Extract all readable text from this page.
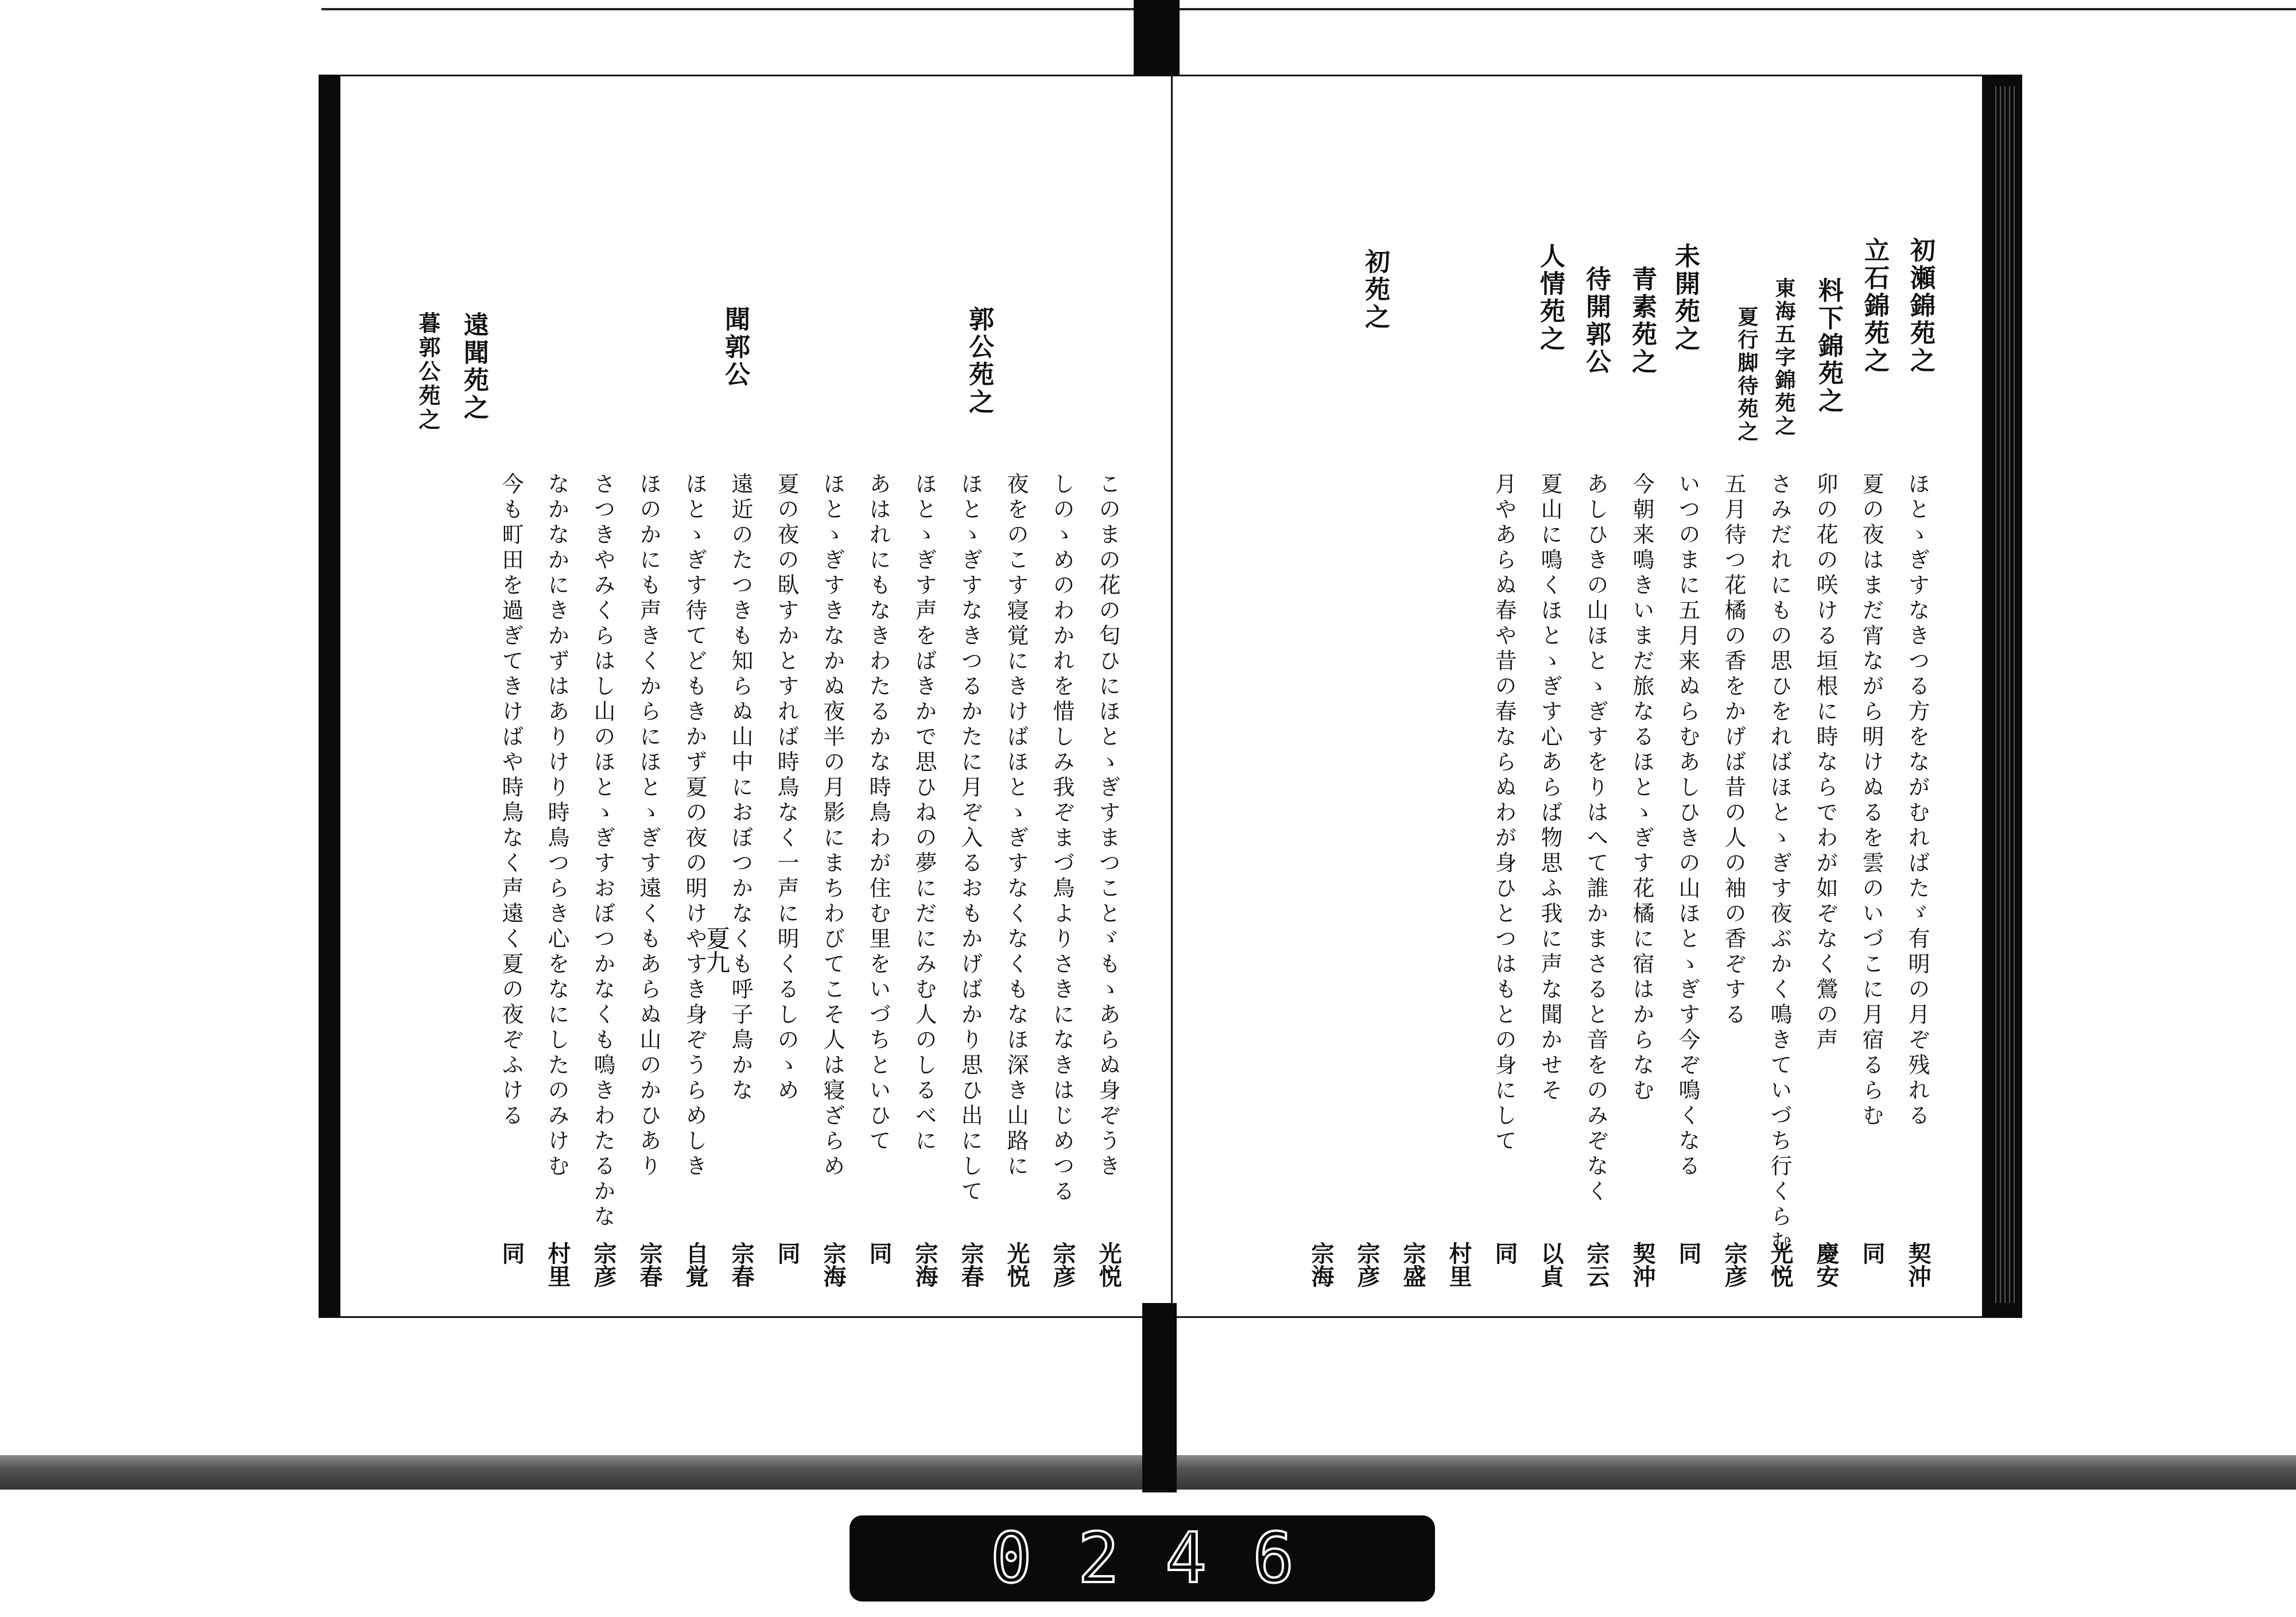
郭公苑之
聞郭公
遠聞苑之
暮郭公苑之
このまの花の匂ひにほとゝぎすまつことゞもゝあらぬ身ぞうき
しのゝめのわかれを惜しみ我ぞまづ鳥よりさきになきはじめつる
夜をのこす寝覚にきけばほとゝぎすなくなくもなほ深き山路に
ほとゝぎすなきつるかたに月ぞ入るおもかげばかり思ひ出にして
ほとゝぎす声をばきかで思ひねの夢にだにみむ人のしるべに
あはれにもなきわたるかな時鳥わが住む里をいづちといひて
ほとゝぎすきなかぬ夜半の月影にまちわびてこそ人は寝ざらめ
夏の夜の臥すかとすれば時鳥なく一声に明くるしのゝめ
遠近のたつきも知らぬ山中におぼつかなくも呼子鳥かな
ほとゝぎす待てどもきかず夏の夜の明けやすき身ぞうらめしき
ほのかにも声きくからにほとゝぎす遠くもあらぬ山のかひあり
さつきやみくらはし山のほとゝぎすおぼつかなくも鳴きわたるかな
なかなかにきかずはありけり時鳥つらき心をなにしたのみけむ
今も町田を過ぎてきけばや時鳥なく声遠く夏の夜ぞふける
光悦
宗彦
光悦
宗春
宗海
同
宗海
同
宗春
自覚
宗春
宗彦
村里
同
夏九
初瀬錦苑之
立石錦苑之
料下錦苑之
東海五字錦苑之
夏行脚待苑之
未開苑之
青素苑之
待開郭公
人情苑之
初苑之
ほとゝぎすなきつる方をながむればたゞ有明の月ぞ残れる
夏の夜はまだ宵ながら明けぬるを雲のいづこに月宿るらむ
卯の花の咲ける垣根に時ならでわが如ぞなく鶯の声
さみだれにもの思ひをればほとゝぎす夜ぶかく鳴きていづち行くらむ
五月待つ花橘の香をかげば昔の人の袖の香ぞする
いつのまに五月来ぬらむあしひきの山ほとゝぎす今ぞ鳴くなる
今朝来鳴きいまだ旅なるほとゝぎす花橘に宿はからなむ
あしひきの山ほとゝぎすをりはへて誰かまさると音をのみぞなく
夏山に鳴くほとゝぎす心あらば物思ふ我に声な聞かせそ
月やあらぬ春や昔の春ならぬわが身ひとつはもとの身にして
契沖
同
慶安
光悦
宗彦
同
契沖
宗云
以貞
同
村里
宗盛
宗彦
宗海
0246
